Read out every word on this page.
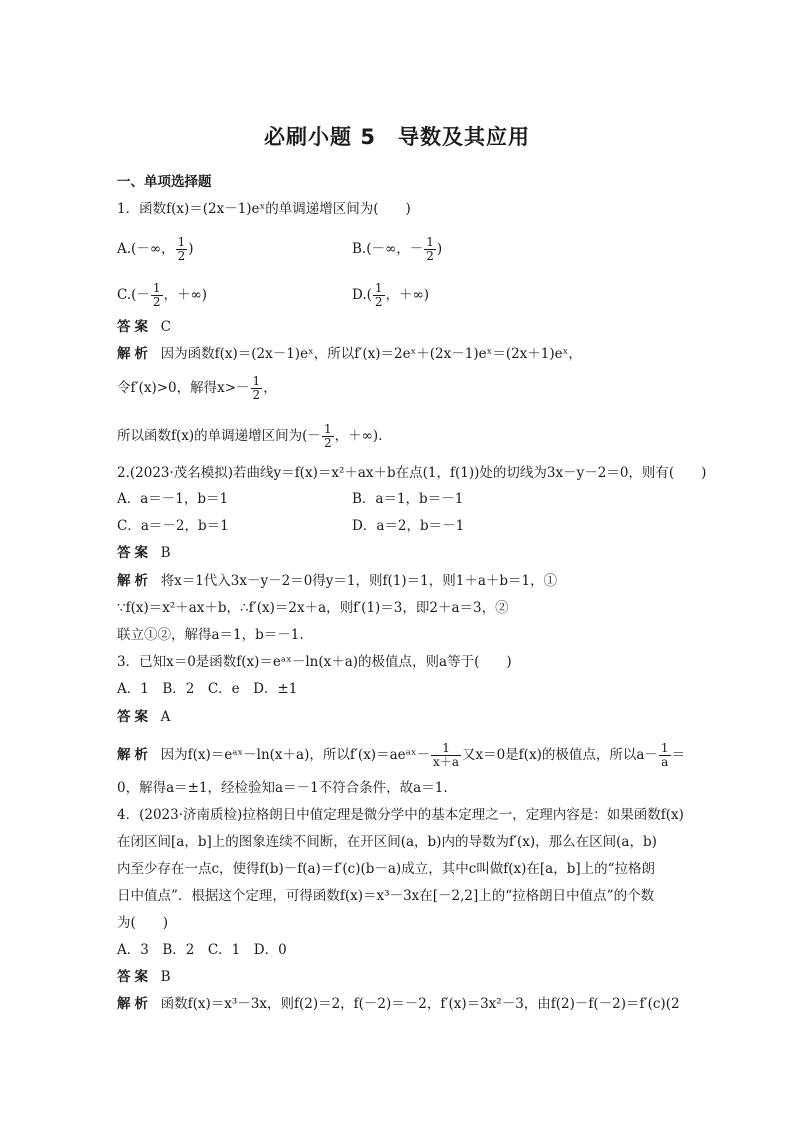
必刷小题 5　导数及其应用
一、单项选择题
1．函数f(x)＝(2x－1)eˣ的单调递增区间为(　　)
A.(－∞， $\frac{1}{2}$ )	B.(－∞，－ $\frac{1}{2}$ )
$C.(- \frac{1}{2}$ ，＋∞)	$D.( \frac{1}{2}$ ，＋∞)
答案 C
解析 因为函数f(x)＝(2x－1)eˣ，所以f′(x)＝2eˣ＋(2x－1)eˣ＝(2x＋1)eˣ，
令f′(x)>0，解得$x>- \frac{1}{2}$ ，
所以函数f(x)的单调递增区间为(－ $\frac{1}{2}$ ，＋∞).
2.(2023·茂名模拟)若曲线y＝f(x)＝x²＋ax＋b在点(1，f(1))处的切线为3x－y－2＝0，则有(　　)
A．a＝－1，b＝1	B．a＝1，b＝－1
C．a＝－2，b＝1	D．a＝2，b＝－1
答案 B
解析 将x＝1代入3x－y－2＝0得y＝1，则f(1)＝1，则1＋a＋b＝1，①
∵f(x)＝x²＋ax＋b，∴f′(x)＝2x＋a，则f′(1)＝3，即2＋a＝3，②
联立①②，解得a＝1，b＝－1.
3．已知x＝0是函数f(x)＝eᵃˣ－ln(x＋a)的极值点，则a等于(　　)
A．1　B．2　C．e　D．±1
答案 A
解析 因为f(x)＝eᵃˣ－ln(x＋a)，所以f′(x)＝aeᵃˣ－ $\frac{1}{x+a}$ 又x＝0是f(x)的极值点，所以$a- \frac{1}{a}$ ＝
0，解得a＝±1，经检验知a＝－1不符合条件，故a＝1.
4．(2023·济南质检)拉格朗日中值定理是微分学中的基本定理之一，定理内容是：如果函数f(x)
在闭区间[a，b]上的图象连续不间断，在开区间(a，b)内的导数为f′(x)，那么在区间(a，b)
内至少存在一点c，使得f(b)－f(a)＝f′(c)(b－a)成立，其中c叫做f(x)在[a，b]上的“拉格朗
日中值点”．根据这个定理，可得函数f(x)＝x³－3x在[－2,2]上的“拉格朗日中值点”的个数
为(　　)
A．3　B．2　C．1　D．0
答案 B
解析 函数f(x)＝x³－3x，则f(2)＝2，f(－2)＝－2，f′(x)＝3x²－3，由f(2)－f(－2)＝f′(c)(2
